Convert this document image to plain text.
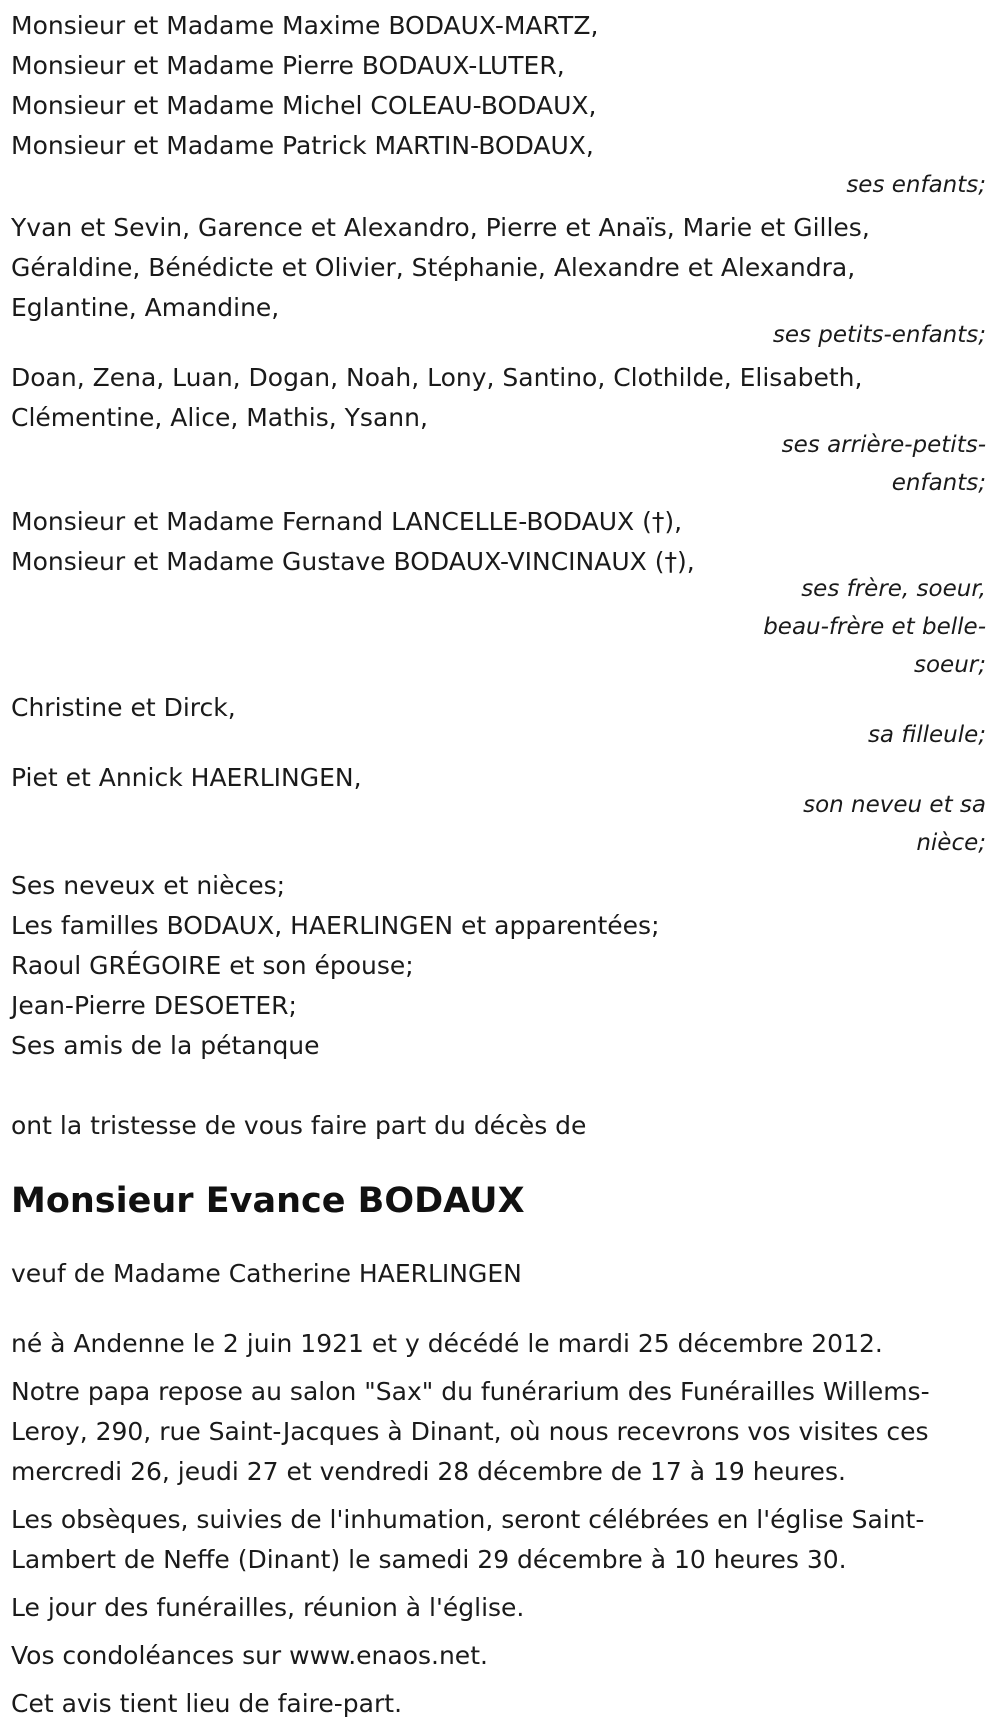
Monsieur et Madame Maxime BODAUX-MARTZ,
Monsieur et Madame Pierre BODAUX-LUTER,
Monsieur et Madame Michel COLEAU-BODAUX,
Monsieur et Madame Patrick MARTIN-BODAUX,
ses enfants;
Yvan et Sevin, Garence et Alexandro, Pierre et Anaïs, Marie et Gilles,
Géraldine, Bénédicte et Olivier, Stéphanie, Alexandre et Alexandra,
Eglantine, Amandine,
ses petits-enfants;
Doan, Zena, Luan, Dogan, Noah, Lony, Santino, Clothilde, Elisabeth,
Clémentine, Alice, Mathis, Ysann,
ses arrière-petits-
enfants;
Monsieur et Madame Fernand LANCELLE-BODAUX (†),
Monsieur et Madame Gustave BODAUX-VINCINAUX (†),
ses frère, soeur,
beau-frère et belle-
soeur;
Christine et Dirck,
sa filleule;
Piet et Annick HAERLINGEN,
son neveu et sa
nièce;
Ses neveux et nièces;
Les familles BODAUX, HAERLINGEN et apparentées;
Raoul GRÉGOIRE et son épouse;
Jean-Pierre DESOETER;
Ses amis de la pétanque
ont la tristesse de vous faire part du décès de
Monsieur Evance BODAUX
veuf de Madame Catherine HAERLINGEN
né à Andenne le 2 juin 1921 et y décédé le mardi 25 décembre 2012.
Notre papa repose au salon "Sax" du funérarium des Funérailles Willems-Leroy, 290, rue Saint-Jacques à Dinant, où nous recevrons vos visites ces mercredi 26, jeudi 27 et vendredi 28 décembre de 17 à 19 heures.
Les obsèques, suivies de l'inhumation, seront célébrées en l'église Saint-Lambert de Neffe (Dinant) le samedi 29 décembre à 10 heures 30.
Le jour des funérailles, réunion à l'église.
Vos condoléances sur www.enaos.net.
Cet avis tient lieu de faire-part.
